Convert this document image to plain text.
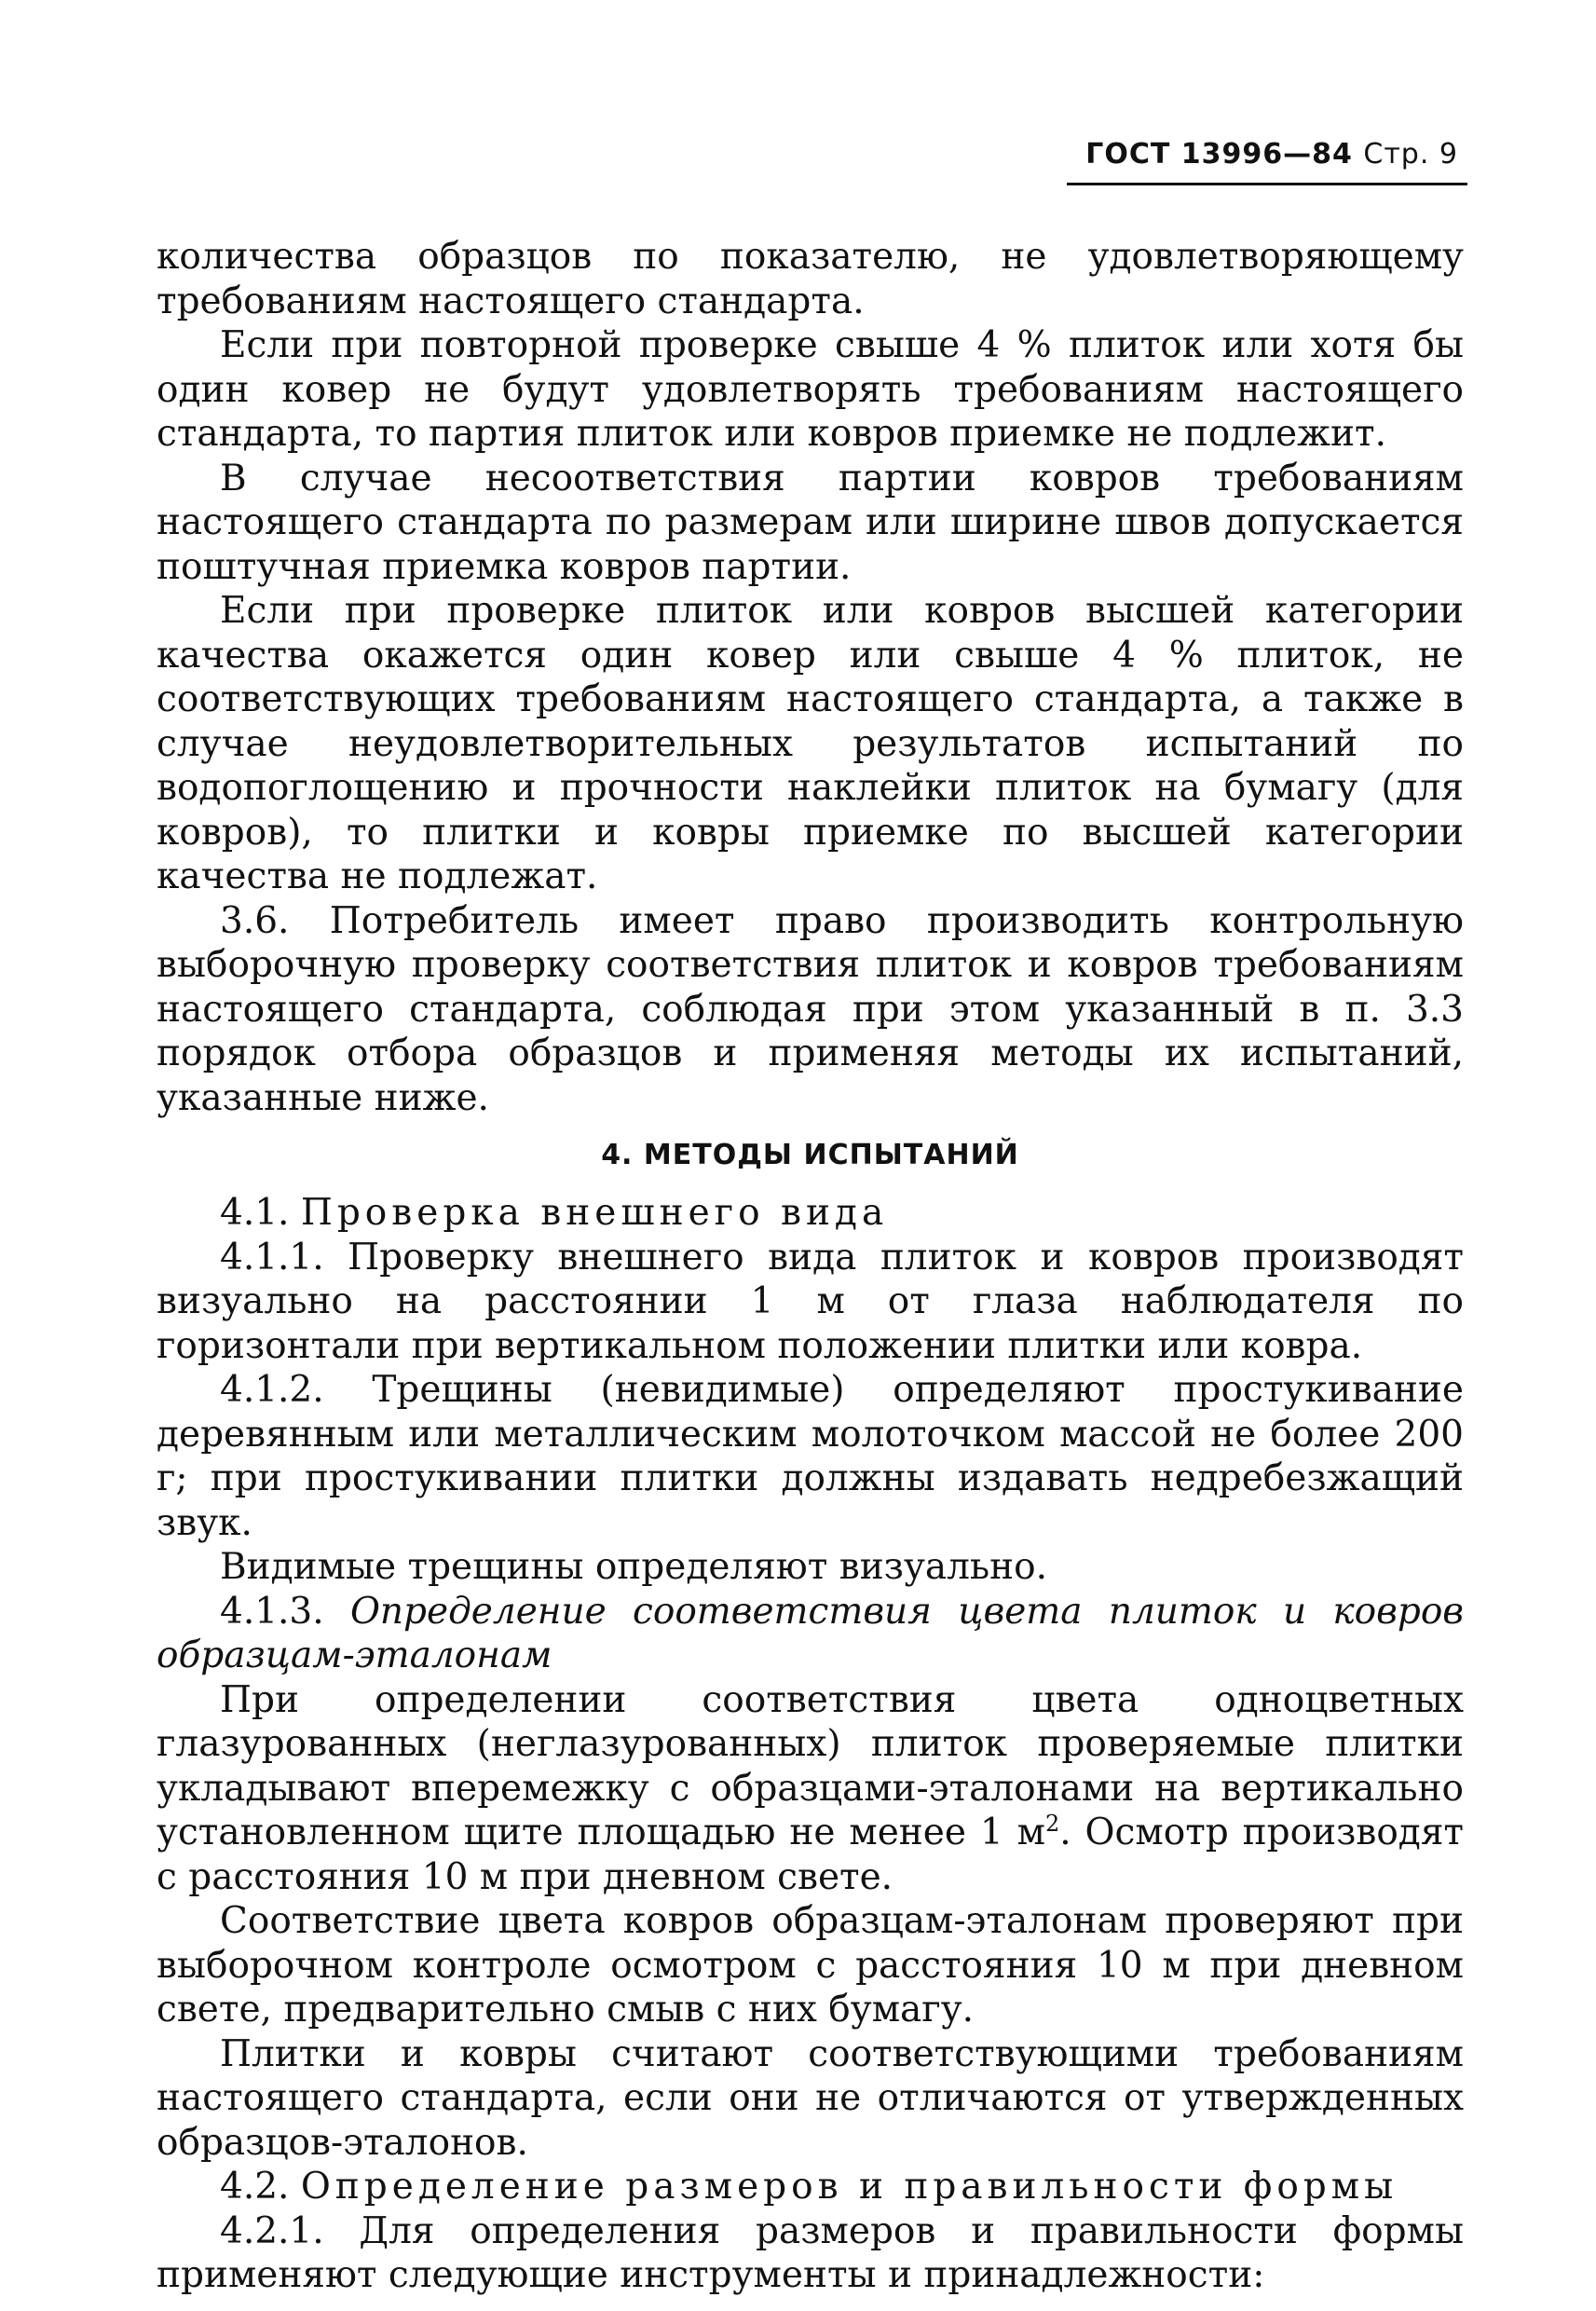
ГОСТ 13996—84 Стр. 9

количества образцов по показателю, не удовлетворяющему требованиям настоящего стандарта.

Если при повторной проверке свыше 4 % плиток или хотя бы один ковер не будут удовлетворять требованиям настоящего стандарта, то партия плиток или ковров приемке не подлежит.

В случае несоответствия партии ковров требованиям настоящего стандарта по размерам или ширине швов допускается поштучная приемка ковров партии.

Если при проверке плиток или ковров высшей категории качества окажется один ковер или свыше 4 % плиток, не соответствующих требованиям настоящего стандарта, а также в случае неудовлетворительных результатов испытаний по водопоглощению и прочности наклейки плиток на бумагу (для ковров), то плитки и ковры приемке по высшей категории качества не подлежат.

3.6. Потребитель имеет право производить контрольную выборочную проверку соответствия плиток и ковров требованиям настоящего стандарта, соблюдая при этом указанный в п. 3.3 порядок отбора образцов и применяя методы их испытаний, указанные ниже.

4. МЕТОДЫ ИСПЫТАНИЙ

4.1. Проверка внешнего вида

4.1.1. Проверку внешнего вида плиток и ковров производят визуально на расстоянии 1 м от глаза наблюдателя по горизонтали при вертикальном положении плитки или ковра.

4.1.2. Трещины (невидимые) определяют простукивание деревянным или металлическим молоточком массой не более 200 г; при простукивании плитки должны издавать недребезжащий звук.

Видимые трещины определяют визуально.

4.1.3. Определение соответствия цвета плиток и ковров образцам-эталонам

При определении соответствия цвета одноцветных глазурованных (неглазурованных) плиток проверяемые плитки укладывают вперемежку с образцами-эталонами на вертикально установленном щите площадью не менее 1 $м^2$. Осмотр производят с расстояния 10 м при дневном свете.

Соответствие цвета ковров образцам-эталонам проверяют при выборочном контроле осмотром с расстояния 10 м при дневном свете, предварительно смыв с них бумагу.

Плитки и ковры считают соответствующими требованиям настоящего стандарта, если они не отличаются от утвержденных образцов-эталонов.

4.2. Определение размеров и правильности формы

4.2.1. Для определения размеров и правильности формы применяют следующие инструменты и принадлежности:
